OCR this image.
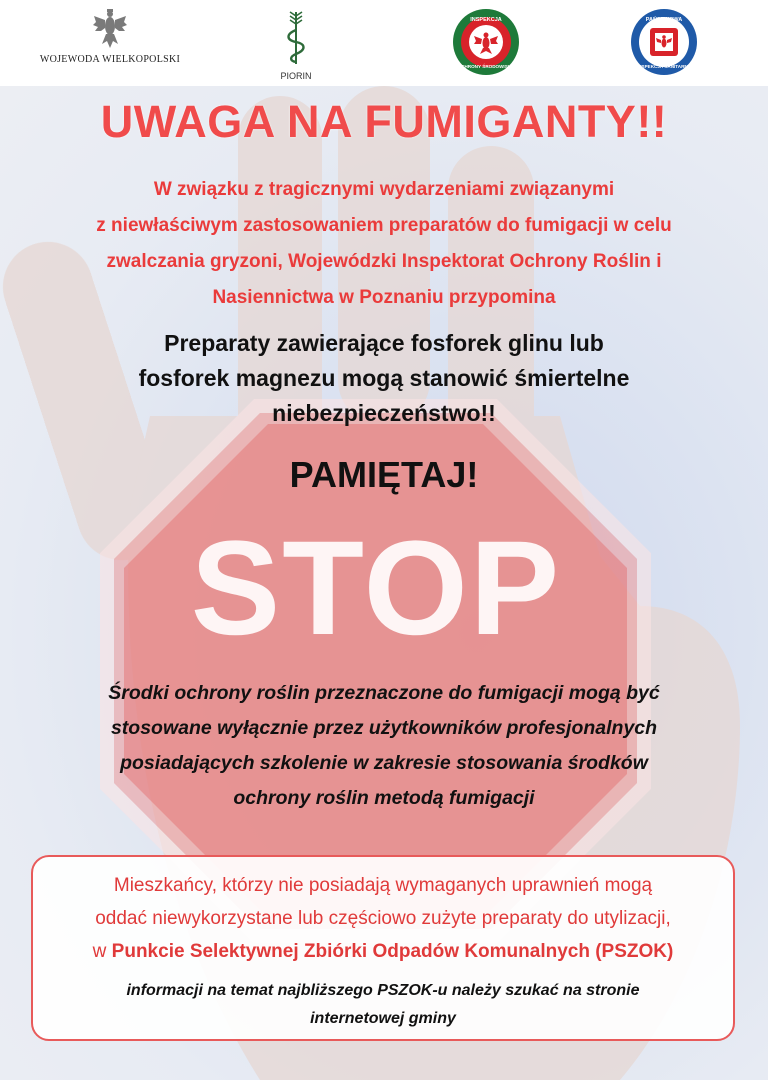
WOJEWODA WIELKOPOLSKI
PIORIN
INSPEKCJA
OCHRONY ŚRODOWISKA
PAŃSTWOWA
INSPEKCJA SANITARNA
STOP
UWAGA NA FUMIGANTY!!
W związku z tragicznymi wydarzeniami związanymi
z niewłaściwym zastosowaniem preparatów do fumigacji w celu
zwalczania gryzoni, Wojewódzki Inspektorat Ochrony Roślin i
Nasiennictwa w Poznaniu przypomina
Preparaty zawierające fosforek glinu lub
fosforek magnezu mogą stanowić śmiertelne
niebezpieczeństwo!!
PAMIĘTAJ!
Środki ochrony roślin przeznaczone do fumigacji mogą być
stosowane wyłącznie przez użytkowników profesjonalnych
posiadających szkolenie w zakresie stosowania środków
ochrony roślin metodą fumigacji
Mieszkańcy, którzy nie posiadają wymaganych uprawnień mogą
oddać niewykorzystane lub częściowo zużyte preparaty do utylizacji,
w Punkcie Selektywnej Zbiórki Odpadów Komunalnych (PSZOK)
informacji na temat najbliższego PSZOK-u należy szukać na stronie
internetowej gminy
